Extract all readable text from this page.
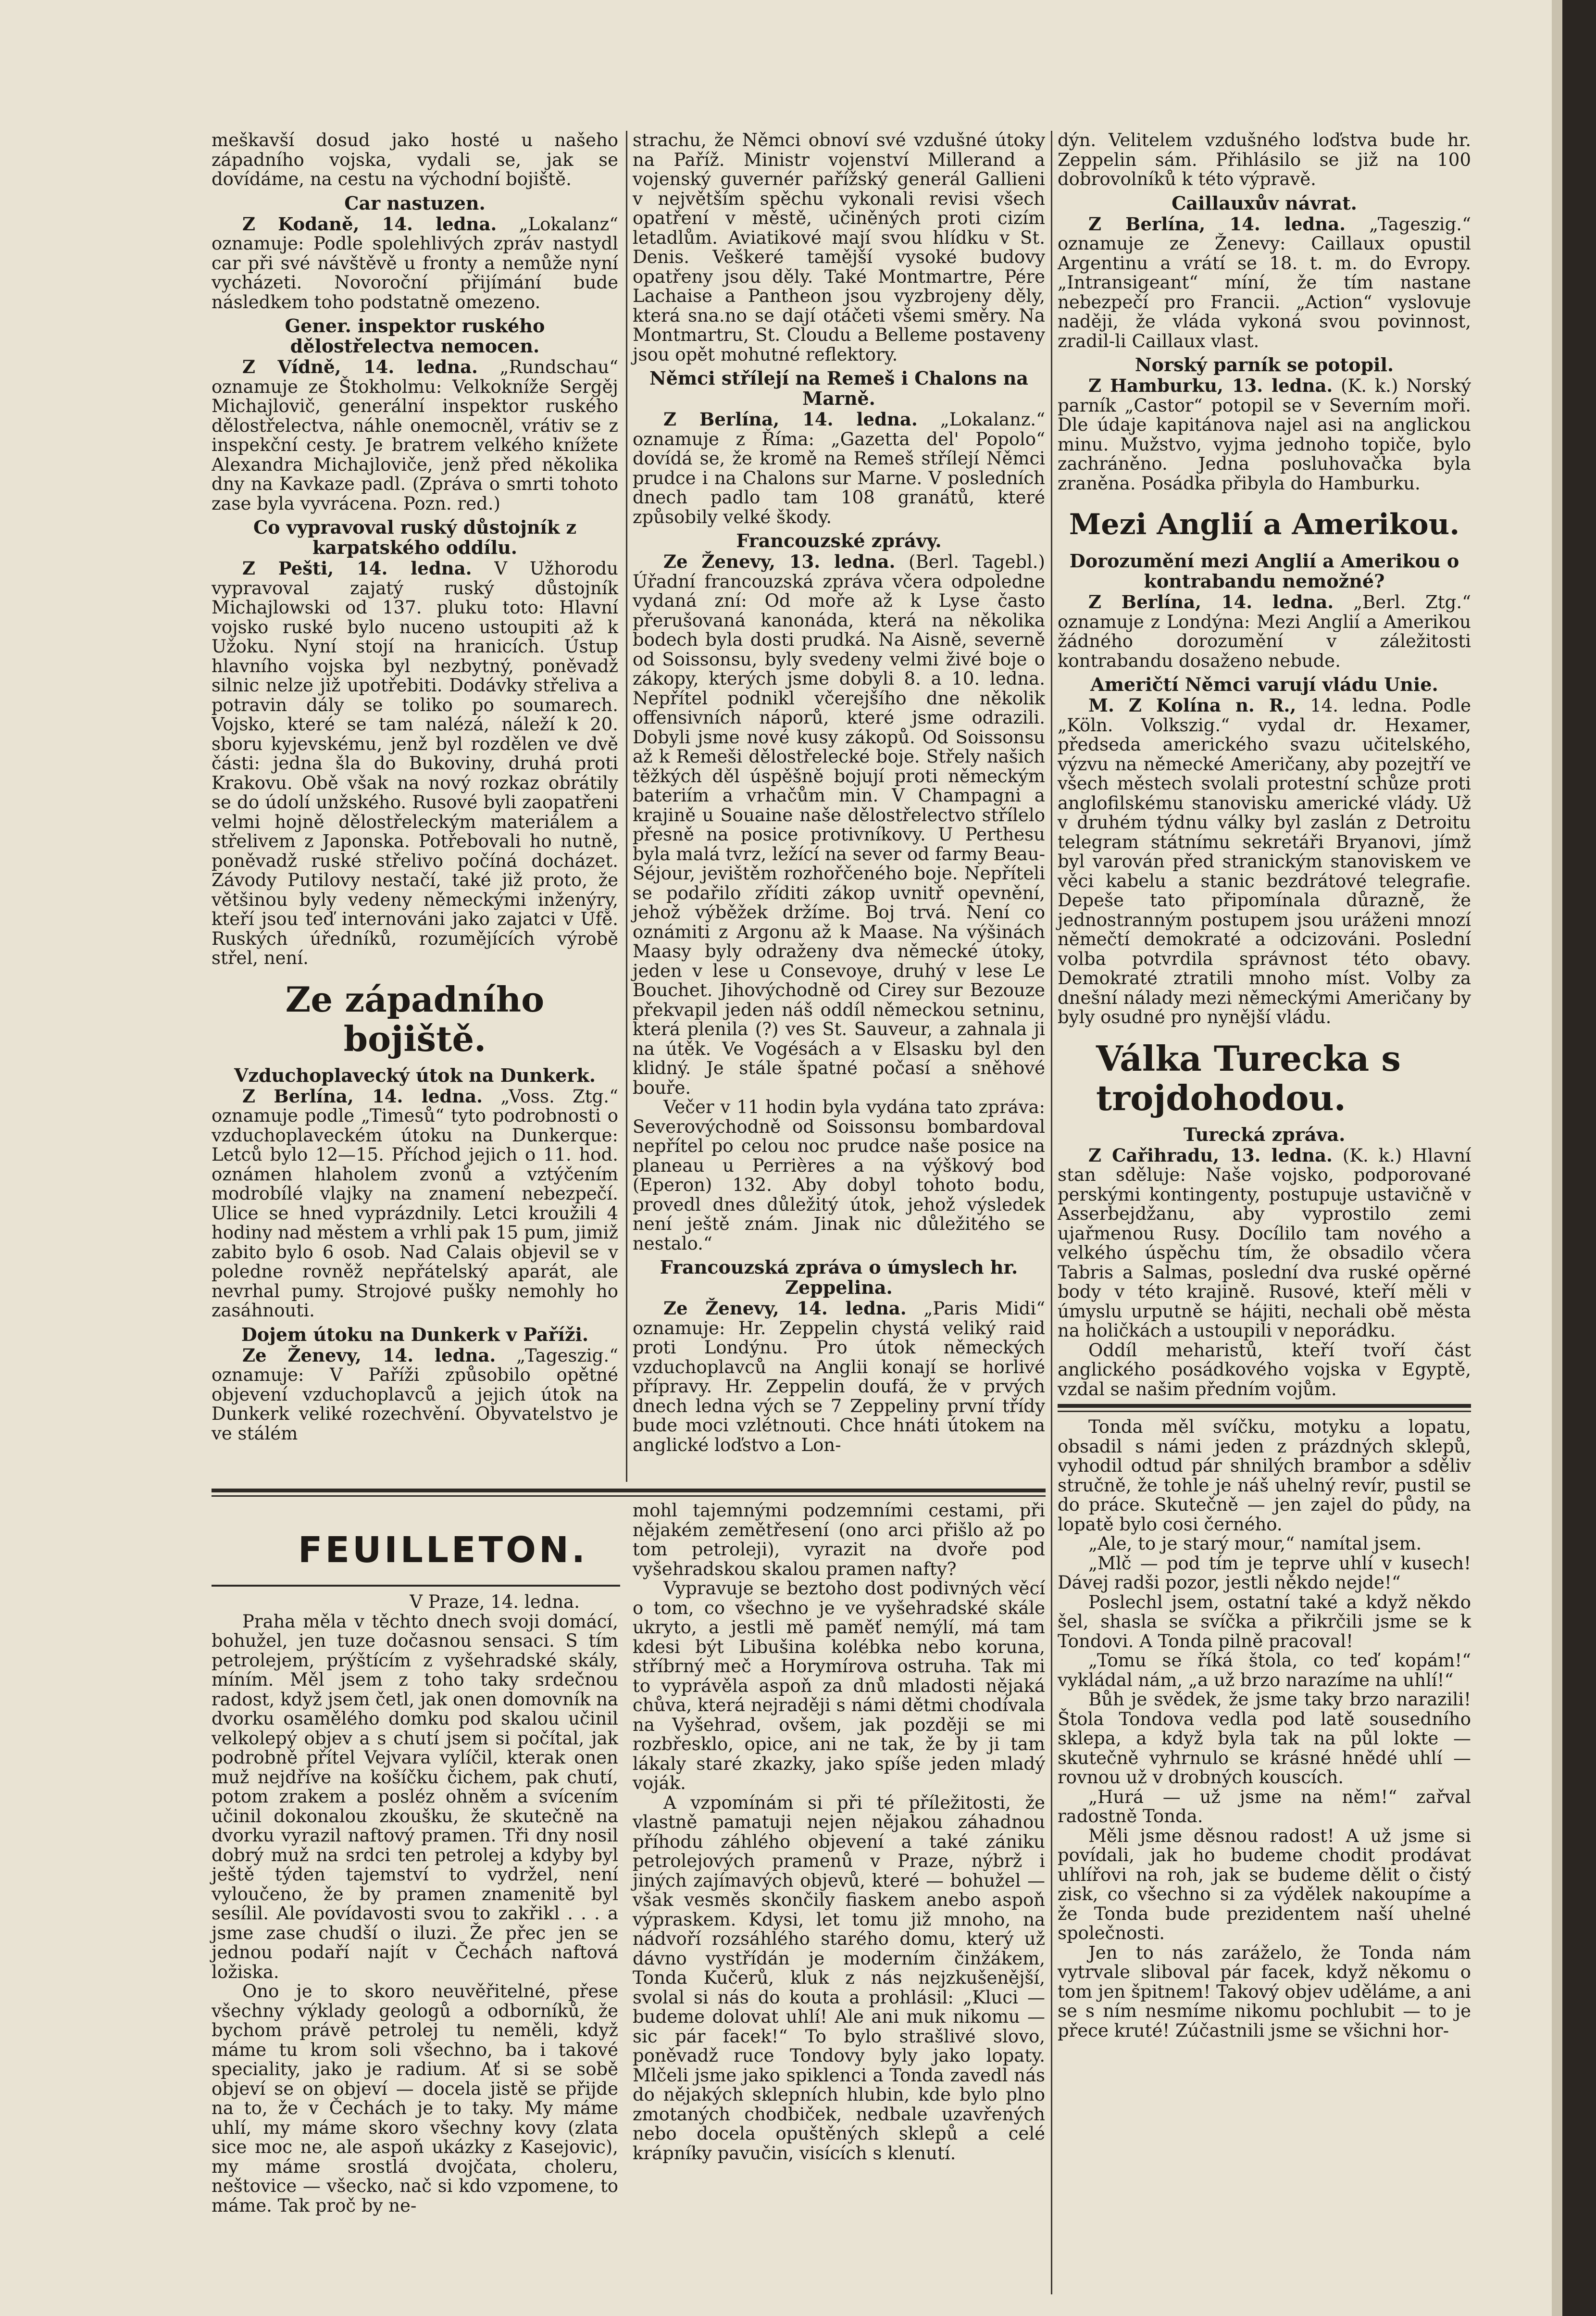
meškavší dosud jako hosté u našeho západního vojska, vydali se, jak se dovídáme, na cestu na východní bojiště.

Car nastuzen.

Z Kodaně, 14. ledna. „Lokalanz“ oznamuje: Podle spolehlivých zpráv nastydl car při své návštěvě u fronty a nemůže nyní vycházeti. Novoroční přijímání bude následkem toho podstatně omezeno.

Gener. inspektor ruského dělostřelectva nemocen.

Z Vídně, 14. ledna. „Rundschau“ oznamuje ze Štokholmu: Velkokníže Sergěj Michajlovič, generální inspektor ruského dělostřelectva, náhle onemocněl, vrátiv se z inspekční cesty. Je bratrem velkého knížete Alexandra Michajloviče, jenž před několika dny na Kavkaze padl. (Zpráva o smrti tohoto zase byla vyvrácena. Pozn. red.)

Co vypravoval ruský důstojník z karpatského oddílu.

Z Pešti, 14. ledna. V Užhorodu vypravoval zajatý ruský důstojník Michajlowski od 137. pluku toto: Hlavní vojsko ruské bylo nuceno ustoupiti až k Užoku. Nyní stojí na hranicích. Ústup hlavního vojska byl nezbytný, poněvadž silnic nelze již upotřebiti. Dodávky střeliva a potravin dály se toliko po soumarech. Vojsko, které se tam nalézá, náleží k 20. sboru kyjevskému, jenž byl rozdělen ve dvě části: jedna šla do Bukoviny, druhá proti Krakovu. Obě však na nový rozkaz obrátily se do údolí unžského. Rusové byli zaopatřeni velmi hojně dělostřeleckým materiálem a střelivem z Japonska. Potřebovali ho nutně, poněvadž ruské střelivo počíná docházet. Závody Putilovy nestačí, také již proto, že většinou byly vedeny německými inženýry, kteří jsou teď internováni jako zajatci v Ufě. Ruských úředníků, rozumějících výrobě střel, není.

Ze západního bojiště.
Vzduchoplavecký útok na Dunkerk.

Z Berlína, 14. ledna. „Voss. Ztg.“ oznamuje podle „Timesů“ tyto podrobnosti o vzduchoplaveckém útoku na Dunkerque: Letců bylo 12—15. Příchod jejich o 11. hod. oznámen hlaholem zvonů a vztýčením modrobílé vlajky na znamení nebezpečí. Ulice se hned vyprázdnily. Letci kroužili 4 hodiny nad městem a vrhli pak 15 pum, jimiž zabito bylo 6 osob. Nad Calais objevil se v poledne rovněž nepřátelský aparát, ale nevrhal pumy. Strojové pušky nemohly ho zasáhnouti.

Dojem útoku na Dunkerk v Paříži.

Ze Ženevy, 14. ledna. „Tageszig.“ oznamuje: V Paříži způsobilo opětné objevení vzduchoplavců a jejich útok na Dunkerk veliké rozechvění. Obyvatelstvo je ve stálém

strachu, že Němci obnoví své vzdušné útoky na Paříž. Ministr vojenství Millerand a vojenský guvernér pařížský generál Gallieni v největším spěchu vykonali revisi všech opatření v městě, učiněných proti cizím letadlům. Aviatikové mají svou hlídku v St. Denis. Veškeré tamější vysoké budovy opatřeny jsou děly. Také Montmartre, Pére Lachaise a Pantheon jsou vyzbrojeny děly, která sna.no se dají otáčeti všemi směry. Na Montmartru, St. Cloudu a Belleme postaveny jsou opět mohutné reflektory.

Němci střílejí na Remeš i Chalons na Marně.

Z Berlína, 14. ledna. „Lokalanz.“ oznamuje z Říma: „Gazetta del' Popolo“ dovídá se, že kromě na Remeš střílejí Němci prudce i na Chalons sur Marne. V posledních dnech padlo tam 108 granátů, které způsobily velké škody.

Francouzské zprávy.

Ze Ženevy, 13. ledna. (Berl. Tagebl.) Úřadní francouzská zpráva včera odpoledne vydaná zní: Od moře až k Lyse často přerušovaná kanonáda, která na několika bodech byla dosti prudká. Na Aisně, severně od Soissonsu, byly svedeny velmi živé boje o zákopy, kterých jsme dobyli 8. a 10. ledna. Nepřítel podnikl včerejšího dne několik offensivních náporů, které jsme odrazili. Dobyli jsme nové kusy zákopů. Od Soissonsu až k Remeši dělostřelecké boje. Střely našich těžkých děl úspěšně bojují proti německým bateriím a vrhačům min. V Champagni a krajině u Souaine naše dělostřelectvo střílelo přesně na posice protivníkovy. U Perthesu byla malá tvrz, ležící na sever od farmy Beau-Séjour, jevištěm rozhořčeného boje. Nepříteli se podařilo zříditi zákop uvnitř opevnění, jehož výběžek držíme. Boj trvá. Není co oznámiti z Argonu až k Maase. Na výšinách Maasy byly odraženy dva německé útoky, jeden v lese u Consevoye, druhý v lese Le Bouchet. Jihovýchodně od Cirey sur Bezouze překvapil jeden náš oddíl německou setninu, která plenila (?) ves St. Sauveur, a zahnala ji na útěk. Ve Vogésách a v Elsasku byl den klidný. Je stále špatné počasí a sněhové bouře.

Večer v 11 hodin byla vydána tato zpráva: Severovýchodně od Soissonsu bombardoval nepřítel po celou noc prudce naše posice na planeau u Perrières a na výškový bod (Eperon) 132. Aby dobyl tohoto bodu, provedl dnes důležitý útok, jehož výsledek není ještě znám. Jinak nic důležitého se nestalo.“

Francouzská zpráva o úmyslech hr. Zeppelina.

Ze Ženevy, 14. ledna. „Paris Midi“ oznamuje: Hr. Zeppelin chystá veliký raid proti Londýnu. Pro útok německých vzduchoplavců na Anglii konají se horlivé přípravy. Hr. Zeppelin doufá, že v prvých dnech ledna vých se 7 Zeppeliny první třídy bude moci vzlétnouti. Chce hnáti útokem na anglické loďstvo a Lon-

dýn. Velitelem vzdušného loďstva bude hr. Zeppelin sám. Přihlásilo se již na 100 dobrovolníků k této výpravě.

Caillauxův návrat.

Z Berlína, 14. ledna. „Tageszig.“ oznamuje ze Ženevy: Caillaux opustil Argentinu a vrátí se 18. t. m. do Evropy. „Intransigeant“ míní, že tím nastane nebezpečí pro Francii. „Action“ vyslovuje naději, že vláda vykoná svou povinnost, zradil-li Caillaux vlast.

Norský parník se potopil.

Z Hamburku, 13. ledna. (K. k.) Norský parník „Castor“ potopil se v Severním moři. Dle údaje kapitánova najel asi na anglickou minu. Mužstvo, vyjma jednoho topiče, bylo zachráněno. Jedna posluhovačka byla zraněna. Posádka přibyla do Hamburku.

Mezi Anglií a Amerikou.
Dorozumění mezi Anglií a Amerikou o kontrabandu nemožné?

Z Berlína, 14. ledna. „Berl. Ztg.“ oznamuje z Londýna: Mezi Anglií a Amerikou žádného dorozumění v záležitosti kontrabandu dosaženo nebude.

Američtí Němci varují vládu Unie.

M. Z Kolína n. R., 14. ledna. Podle „Köln. Volkszig.“ vydal dr. Hexamer, předseda amerického svazu učitelského, výzvu na německé Američany, aby pozejtří ve všech městech svolali protestní schůze proti anglofilskému stanovisku americké vlády. Už v druhém týdnu války byl zaslán z Detroitu telegram státnímu sekretáři Bryanovi, jímž byl varován před stranickým stanoviskem ve věci kabelu a stanic bezdrátové telegrafie. Depeše tato připomínala důrazně, že jednostranným postupem jsou uráženi mnozí němečtí demokraté a odcizováni. Poslední volba potvrdila správnost této obavy. Demokraté ztratili mnoho míst. Volby za dnešní nálady mezi německými Američany by byly osudné pro nynější vládu.

Válka Turecka s trojdohodou.
Turecká zpráva.

Z Cařihradu, 13. ledna. (K. k.) Hlavní stan sděluje: Naše vojsko, podporované perskými kontingenty, postupuje ustavičně v Asserbejdžanu, aby vyprostilo zemi ujařmenou Rusy. Docílilo tam nového a velkého úspěchu tím, že obsadilo včera Tabris a Salmas, poslední dva ruské opěrné body v této krajině. Rusové, kteří měli v úmyslu urputně se hájiti, nechali obě města na holičkách a ustoupili v neporádku.

Oddíl meharistů, kteří tvoří část anglického posádkového vojska v Egyptě, vzdal se našim předním vojům.

FEUILLETON.

V Praze, 14. ledna.

Praha měla v těchto dnech svoji domácí, bohužel, jen tuze dočasnou sensaci. S tím petrolejem, prýštícím z vyšehradské skály, míním. Měl jsem z toho taky srdečnou radost, když jsem četl, jak onen domovník na dvorku osamělého domku pod skalou učinil velkolepý objev a s chutí jsem si počítal, jak podrobně přítel Vejvara vylíčil, kterak onen muž nejdříve na košíčku čichem, pak chutí, potom zrakem a posléz ohněm a svícením učinil dokonalou zkoušku, že skutečně na dvorku vyrazil naftový pramen. Tři dny nosil dobrý muž na srdci ten petrolej a kdyby byl ještě týden tajemství to vydržel, není vyloučeno, že by pramen znamenitě byl sesílil. Ale povídavosti svou to zakřikl . . . a jsme zase chudší o iluzi. Že přec jen se jednou podaří najít v Čechách naftová ložiska.

Ono je to skoro neuvěřitelné, přese všechny výklady geologů a odborníků, že bychom právě petrolej tu neměli, když máme tu krom soli všechno, ba i takové speciality, jako je radium. Ať si se sobě objeví se on objeví — docela jistě se přijde na to, že v Čechách je to taky. My máme uhlí, my máme skoro všechny kovy (zlata sice moc ne, ale aspoň ukázky z Kasejovic), my máme srostlá dvojčata, choleru, neštovice — všecko, nač si kdo vzpomene, to máme. Tak proč by ne-

mohl tajemnými podzemními cestami, při nějakém zemětřesení (ono arci přišlo až po tom petroleji), vyrazit na dvoře pod vyšehradskou skalou pramen nafty?

Vypravuje se beztoho dost podivných věcí o tom, co všechno je ve vyšehradské skále ukryto, a jestli mě paměť nemýlí, má tam kdesi být Libušina kolébka nebo koruna, stříbrný meč a Horymírova ostruha. Tak mi to vyprávěla aspoň za dnů mladosti nějaká chůva, která nejraději s námi dětmi chodívala na Vyšehrad, ovšem, jak později se mi rozbřesklo, opice, ani ne tak, že by ji tam lákaly staré zkazky, jako spíše jeden mladý voják.

A vzpomínám si při té příležitosti, že vlastně pamatuji nejen nějakou záhadnou příhodu záhlého objevení a také zániku petrolejových pramenů v Praze, nýbrž i jiných zajímavých objevů, které — bohužel — však vesměs skončily fiaskem anebo aspoň výpraskem. Kdysi, let tomu již mnoho, na nádvoří rozsáhlého starého domu, který už dávno vystřídán je moderním činžákem, Tonda Kučerů, kluk z nás nejzkušenější, svolal si nás do kouta a prohlásil: „Kluci — budeme dolovat uhlí! Ale ani muk nikomu — sic pár facek!“ To bylo strašlivé slovo, poněvadž ruce Tondovy byly jako lopaty. Mlčeli jsme jako spiklenci a Tonda zavedl nás do nějakých sklepních hlubin, kde bylo plno zmotaných chodbiček, nedbale uzavřených nebo docela opuštěných sklepů a celé krápníky pavučin, visících s klenutí.

Tonda měl svíčku, motyku a lopatu, obsadil s námi jeden z prázdných sklepů, vyhodil odtud pár shnilých brambor a sděliv stručně, že tohle je náš uhelný revír, pustil se do práce. Skutečně — jen zajel do půdy, na lopatě bylo cosi černého.

„Ale, to je starý mour,“ namítal jsem.

„Mlč — pod tím je teprve uhlí v kusech! Dávej radši pozor, jestli někdo nejde!“

Poslechl jsem, ostatní také a když někdo šel, shasla se svíčka a přikrčili jsme se k Tondovi. A Tonda pilně pracoval!

„Tomu se říká štola, co teď kopám!“ vykládal nám, „a už brzo narazíme na uhlí!“

Bůh je svědek, že jsme taky brzo narazili! Štola Tondova vedla pod latě sousedního sklepa, a když byla tak na půl lokte — skutečně vyhrnulo se krásné hnědé uhlí — rovnou už v drobných kouscích.

„Hurá — už jsme na něm!“ zařval radostně Tonda.

Měli jsme děsnou radost! A už jsme si povídali, jak ho budeme chodit prodávat uhlířovi na roh, jak se budeme dělit o čistý zisk, co všechno si za výdělek nakoupíme a že Tonda bude prezidentem naší uhelné společnosti.

Jen to nás zaráželo, že Tonda nám vytrvale sliboval pár facek, když někomu o tom jen špitnem! Takový objev uděláme, a ani se s ním nesmíme nikomu pochlubit — to je přece kruté! Zúčastnili jsme se všichni hor-
